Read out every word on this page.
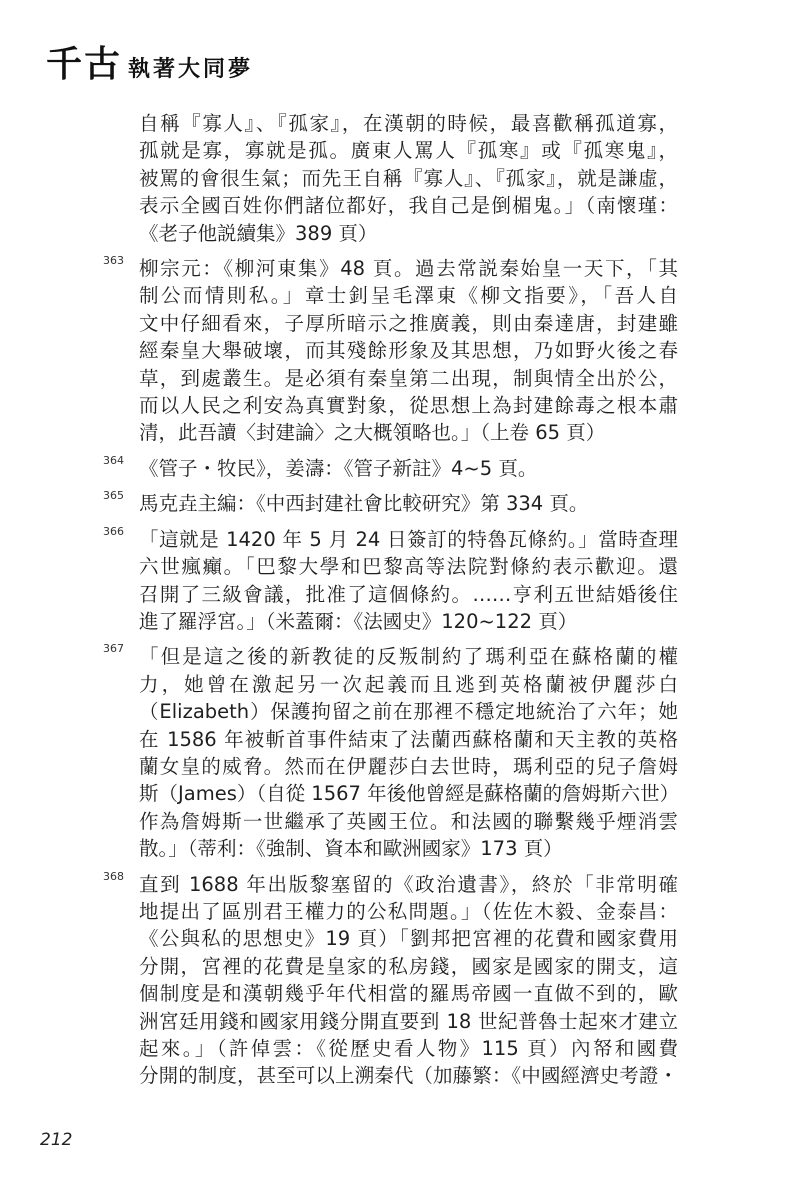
千古 執著大同夢
自稱『寡人』、『孤家』，在漢朝的時候，最喜歡稱孤道寡，
孤就是寡，寡就是孤。廣東人罵人『孤寒』或『孤寒鬼』，
被罵的會很生氣；而先王自稱『寡人』、『孤家』，就是謙虛，
表示全國百姓你們諸位都好，我自己是倒楣鬼。」（南懷瑾：
《老子他説續集》389 頁）
363 柳宗元：《柳河東集》48 頁。過去常説秦始皇一天下，「其
制公而情則私。」章士釗呈毛澤東《柳文指要》，「吾人自
文中仔細看來，子厚所暗示之推廣義，則由秦達唐，封建雖
經秦皇大舉破壞，而其殘餘形象及其思想，乃如野火後之春
草，到處叢生。是必須有秦皇第二出現，制與情全出於公，
而以人民之利安為真實對象，從思想上為封建餘毒之根本肅
清，此吾讀〈封建論〉之大概領略也。」（上卷 65 頁）
364 《管子・牧民》，姜濤：《管子新註》4~5 頁。
365 馬克垚主編：《中西封建社會比較研究》第 334 頁。
366 「這就是 1420 年 5 月 24 日簽訂的特魯瓦條約。」當時查理
六世瘋癲。「巴黎大學和巴黎高等法院對條約表示歡迎。還
召開了三級會議，批准了這個條約。……亨利五世結婚後住
進了羅浮宮。」（米蓋爾：《法國史》120~122 頁）
367 「但是這之後的新教徒的反叛制約了瑪利亞在蘇格蘭的權
力，她曾在激起另一次起義而且逃到英格蘭被伊麗莎白
（Elizabeth）保護拘留之前在那裡不穩定地統治了六年；她
在 1586 年被斬首事件結束了法蘭西蘇格蘭和天主教的英格
蘭女皇的威脅。然而在伊麗莎白去世時，瑪利亞的兒子詹姆
斯（James）（自從 1567 年後他曾經是蘇格蘭的詹姆斯六世）
作為詹姆斯一世繼承了英國王位。和法國的聯繫幾乎煙消雲
散。」（蒂利：《強制、資本和歐洲國家》173 頁）
368 直到 1688 年出版黎塞留的《政治遺書》，終於「非常明確
地提出了區別君王權力的公私問題。」（佐佐木毅、金泰昌：
《公與私的思想史》19 頁）「劉邦把宮裡的花費和國家費用
分開，宮裡的花費是皇家的私房錢，國家是國家的開支，這
個制度是和漢朝幾乎年代相當的羅馬帝國一直做不到的，歐
洲宮廷用錢和國家用錢分開直要到 18 世紀普魯士起來才建立
起來。」（許倬雲：《從歷史看人物》115 頁）內帑和國費
分開的制度，甚至可以上溯秦代（加藤繁：《中國經濟史考證・
212
